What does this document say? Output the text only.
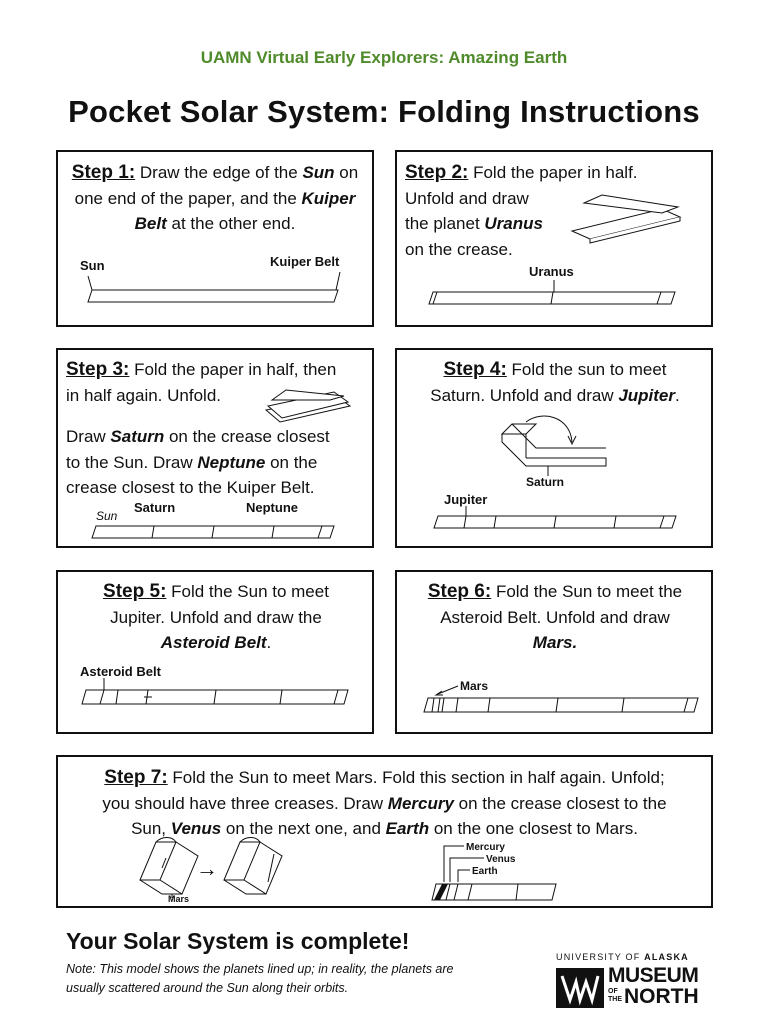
UAMN Virtual Early Explorers: Amazing Earth
Pocket Solar System: Folding Instructions
Step 1: Draw the edge of the Sun on one end of the paper, and the Kuiper Belt at the other end.
Sun	Kuiper Belt
Step 2: Fold the paper in half.
Unfold and draw
the planet Uranus
on the crease.
Uranus
Step 3: Fold the paper in half, then
in half again. Unfold.
Draw Saturn on the crease closest
to the Sun. Draw Neptune on the
crease closest to the Kuiper Belt.
Sun
Saturn	Neptune
Step 4: Fold the sun to meet
Saturn. Unfold and draw Jupiter.
Saturn
Jupiter
Step 5: Fold the Sun to meet
Jupiter. Unfold and draw the
Asteroid Belt.
Asteroid Belt
Step 6: Fold the Sun to meet the
Asteroid Belt. Unfold and draw
Mars.
Mars
Step 7: Fold the Sun to meet Mars. Fold this section in half again. Unfold;
you should have three creases. Draw Mercury on the crease closest to the
Sun, Venus on the next one, and Earth on the one closest to Mars.
Mars
→
Mercury
Venus
Earth
Your Solar System is complete!
Note: This model shows the planets lined up; in reality, the planets are usually scattered around the Sun along their orbits.
UNIVERSITY OF ALASKA
MUSEUM
OF
THE NORTH
